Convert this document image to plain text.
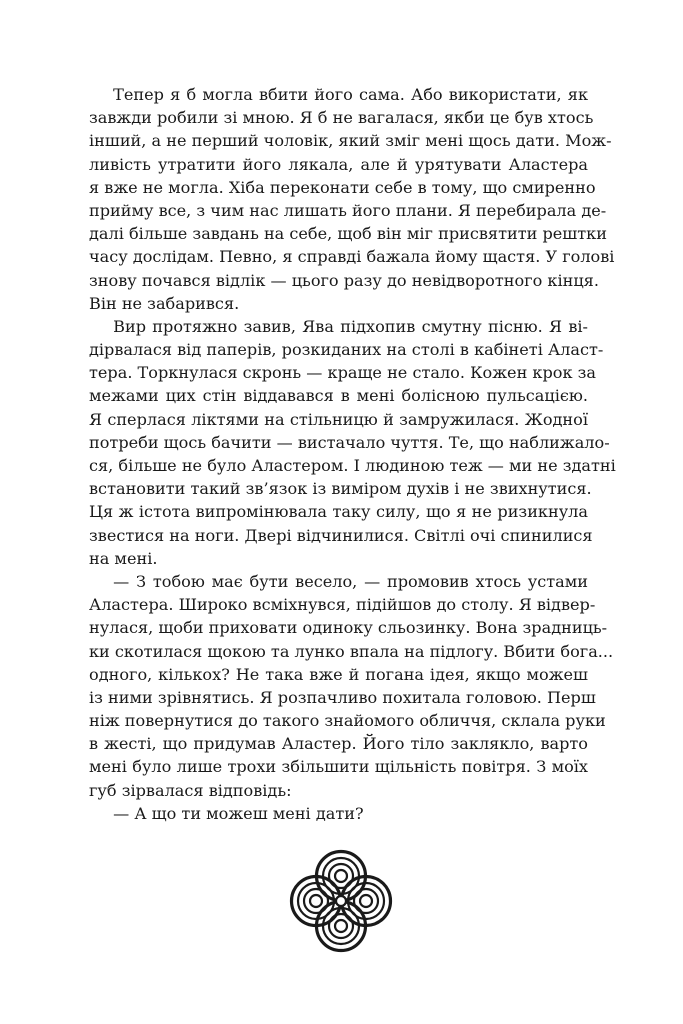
  Тепер я б могла вбити його сама. Або використати, як
завжди робили зі мною. Я б не вагалася, якби це був хтось
інший, а не перший чоловік, який зміг мені щось дати. Мож-
ливість утратити його лякала, але й урятувати Аластера
я вже не могла. Хіба переконати себе в тому, що смиренно
прийму все, з чим нас лишать його плани. Я перебирала де-
далі більше завдань на себе, щоб він міг присвятити рештки
часу дослідам. Певно, я справді бажала йому щастя. У голові
знову почався відлік — цього разу до невідворотного кінця.
Він не забарився.
  Вир протяжно завив, Ява підхопив смутну пісню. Я ві-
дірвалася від паперів, розкиданих на столі в кабінеті Аласт-
тера. Торкнулася скронь — краще не стало. Кожен крок за
межами цих стін віддавався в мені болісною пульсацією.
Я сперлася ліктями на стільницю й замружилася. Жодної
потреби щось бачити — вистачало чуття. Те, що наближало-
ся, більше не було Аластером. І людиною теж — ми не здатні
встановити такий зв’язок із виміром духів і не звихнутися.
Ця ж істота випромінювала таку силу, що я не ризикнула
звестися на ноги. Двері відчинилися. Світлі очі спинилися
на мені.
  — З тобою має бути весело, — промовив хтось устами
Аластера. Широко всміхнувся, підійшов до столу. Я відвер-
нулася, щоби приховати одиноку сльозинку. Вона зрадниць-
ки скотилася щокою та лунко впала на підлогу. Вбити бога...
одного, кількох? Не така вже й погана ідея, якщо можеш
із ними зрівнятись. Я розпачливо похитала головою. Перш
ніж повернутися до такого знайомого обличчя, склала руки
в жесті, що придумав Аластер. Його тіло заклякло, варто
мені було лише трохи збільшити щільність повітря. З моїх
губ зірвалася відповідь:
  — А що ти можеш мені дати?
